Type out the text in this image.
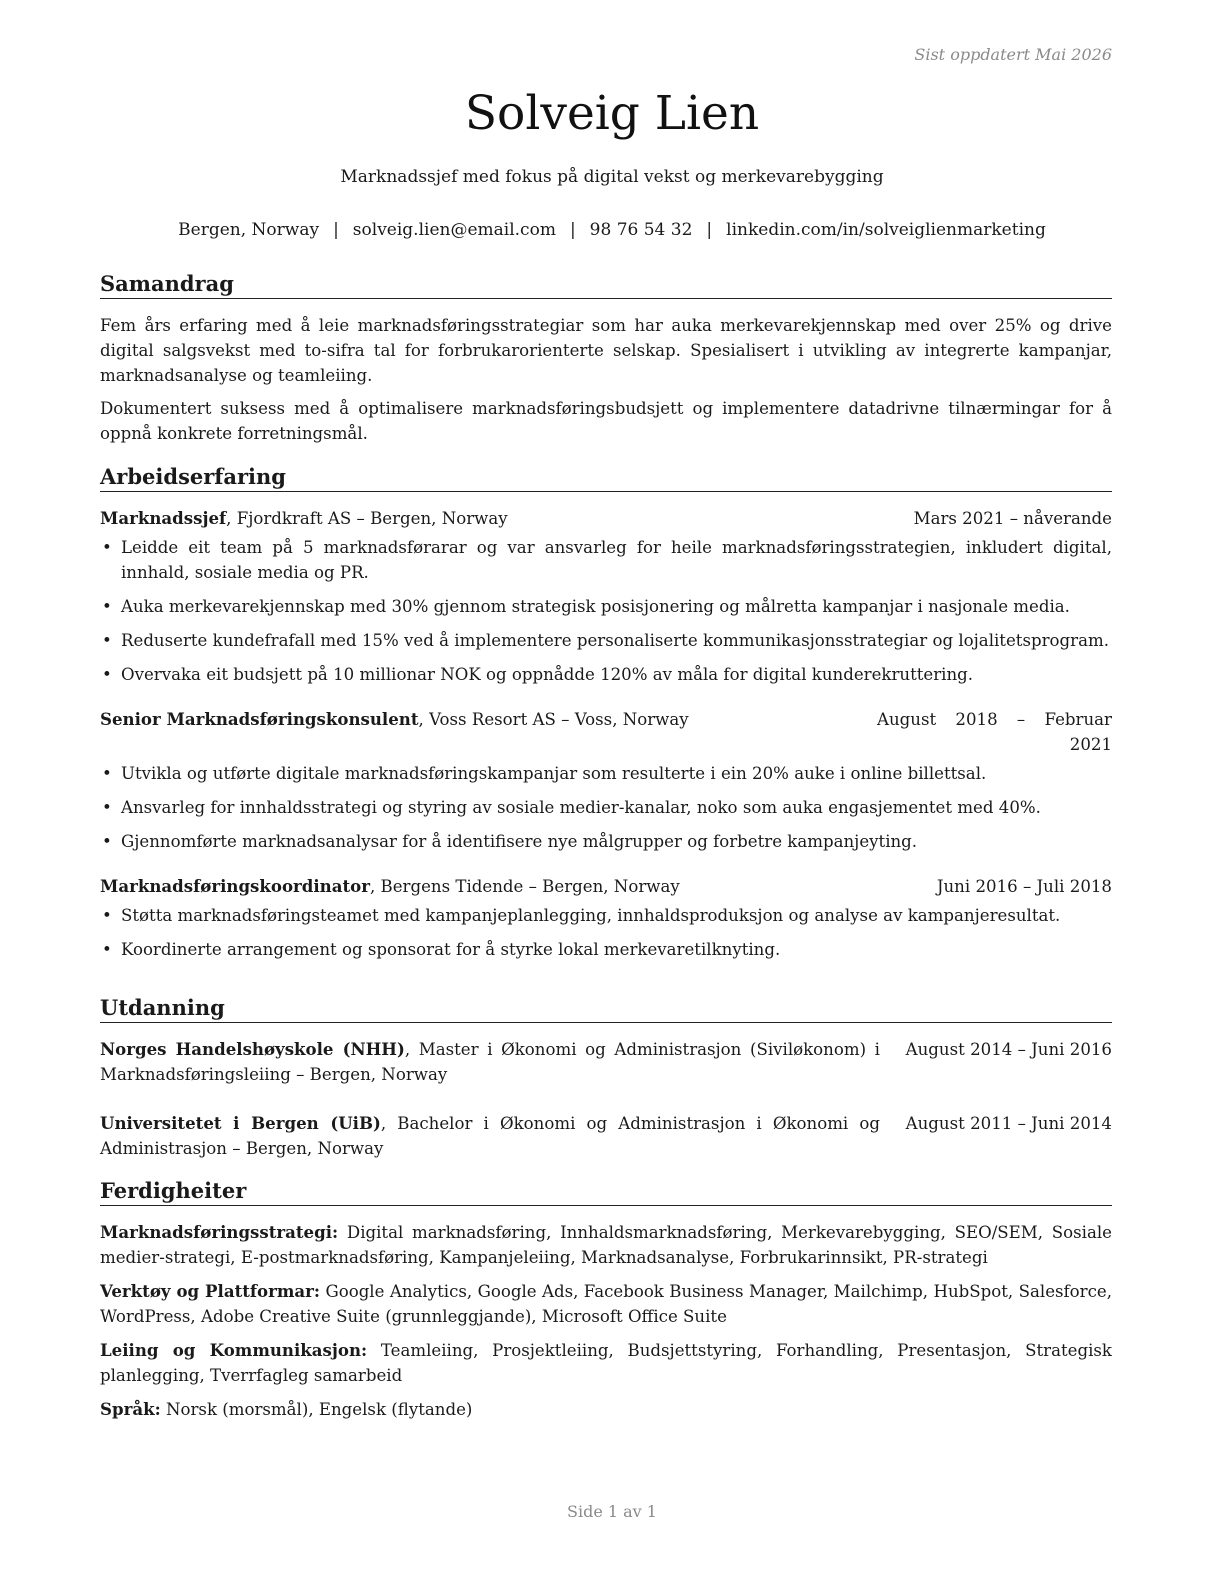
Sist oppdatert Mai 2026
Solveig Lien
Marknadssjef med fokus på digital vekst og merkevarebygging
Bergen, Norway | solveig.lien@email.com | 98 76 54 32 | linkedin.com/in/solveiglienmarketing
Samandrag
Fem års erfaring med å leie marknadsføringsstrategiar som har auka merkevarekjennskap med over 25% og drive digital salgsvekst med to-sifra tal for forbrukarorienterte selskap. Spesialisert i utvikling av integrerte kampanjar, marknadsanalyse og teamleiing.
Dokumentert suksess med å optimalisere marknadsføringsbudsjett og implementere datadrivne tilnærmingar for å oppnå konkrete forretningsmål.
Arbeidserfaring
Marknadssjef, Fjordkraft AS – Bergen, Norway	Mars 2021 – nåverande
• Leidde eit team på 5 marknadsførarar og var ansvarleg for heile marknadsføringsstrategien, inkludert digital, innhald, sosiale media og PR.
• Auka merkevarekjennskap med 30% gjennom strategisk posisjonering og målretta kampanjar i nasjonale media.
• Reduserte kundefrafall med 15% ved å implementere personaliserte kommunikasjonsstrategiar og lojalitetsprogram.
• Overvaka eit budsjett på 10 millionar NOK og oppnådde 120% av måla for digital kunderekruttering.
Senior Marknadsføringskonsulent, Voss Resort AS – Voss, Norway	August 2018 – Februar
2021
• Utvikla og utførte digitale marknadsføringskampanjar som resulterte i ein 20% auke i online billettsal.
• Ansvarleg for innhaldsstrategi og styring av sosiale medier-kanalar, noko som auka engasjementet med 40%.
• Gjennomførte marknadsanalysar for å identifisere nye målgrupper og forbetre kampanjeyting.
Marknadsføringskoordinator, Bergens Tidende – Bergen, Norway	Juni 2016 – Juli 2018
• Støtta marknadsføringsteamet med kampanjeplanlegging, innhaldsproduksjon og analyse av kampanjeresultat.
• Koordinerte arrangement og sponsorat for å styrke lokal merkevaretilknyting.
Utdanning
Norges Handelshøyskole (NHH), Master i Økonomi og Administrasjon (Siviløkonom) i Marknadsføringsleiing – Bergen, Norway
August 2014 – Juni 2016
Universitetet i Bergen (UiB), Bachelor i Økonomi og Administrasjon i Økonomi og Administrasjon – Bergen, Norway
August 2011 – Juni 2014
Ferdigheiter
Marknadsføringsstrategi: Digital marknadsføring, Innhaldsmarknadsføring, Merkevarebygging, SEO/SEM, Sosiale medier-strategi, E-postmarknadsføring, Kampanjeleiing, Marknadsanalyse, Forbrukarinnsikt, PR-strategi
Verktøy og Plattformar: Google Analytics, Google Ads, Facebook Business Manager, Mailchimp, HubSpot, Salesforce, WordPress, Adobe Creative Suite (grunnleggjande), Microsoft Office Suite
Leiing og Kommunikasjon: Teamleiing, Prosjektleiing, Budsjettstyring, Forhandling, Presentasjon, Strategisk planlegging, Tverrfagleg samarbeid
Språk: Norsk (morsmål), Engelsk (flytande)
Side 1 av 1
